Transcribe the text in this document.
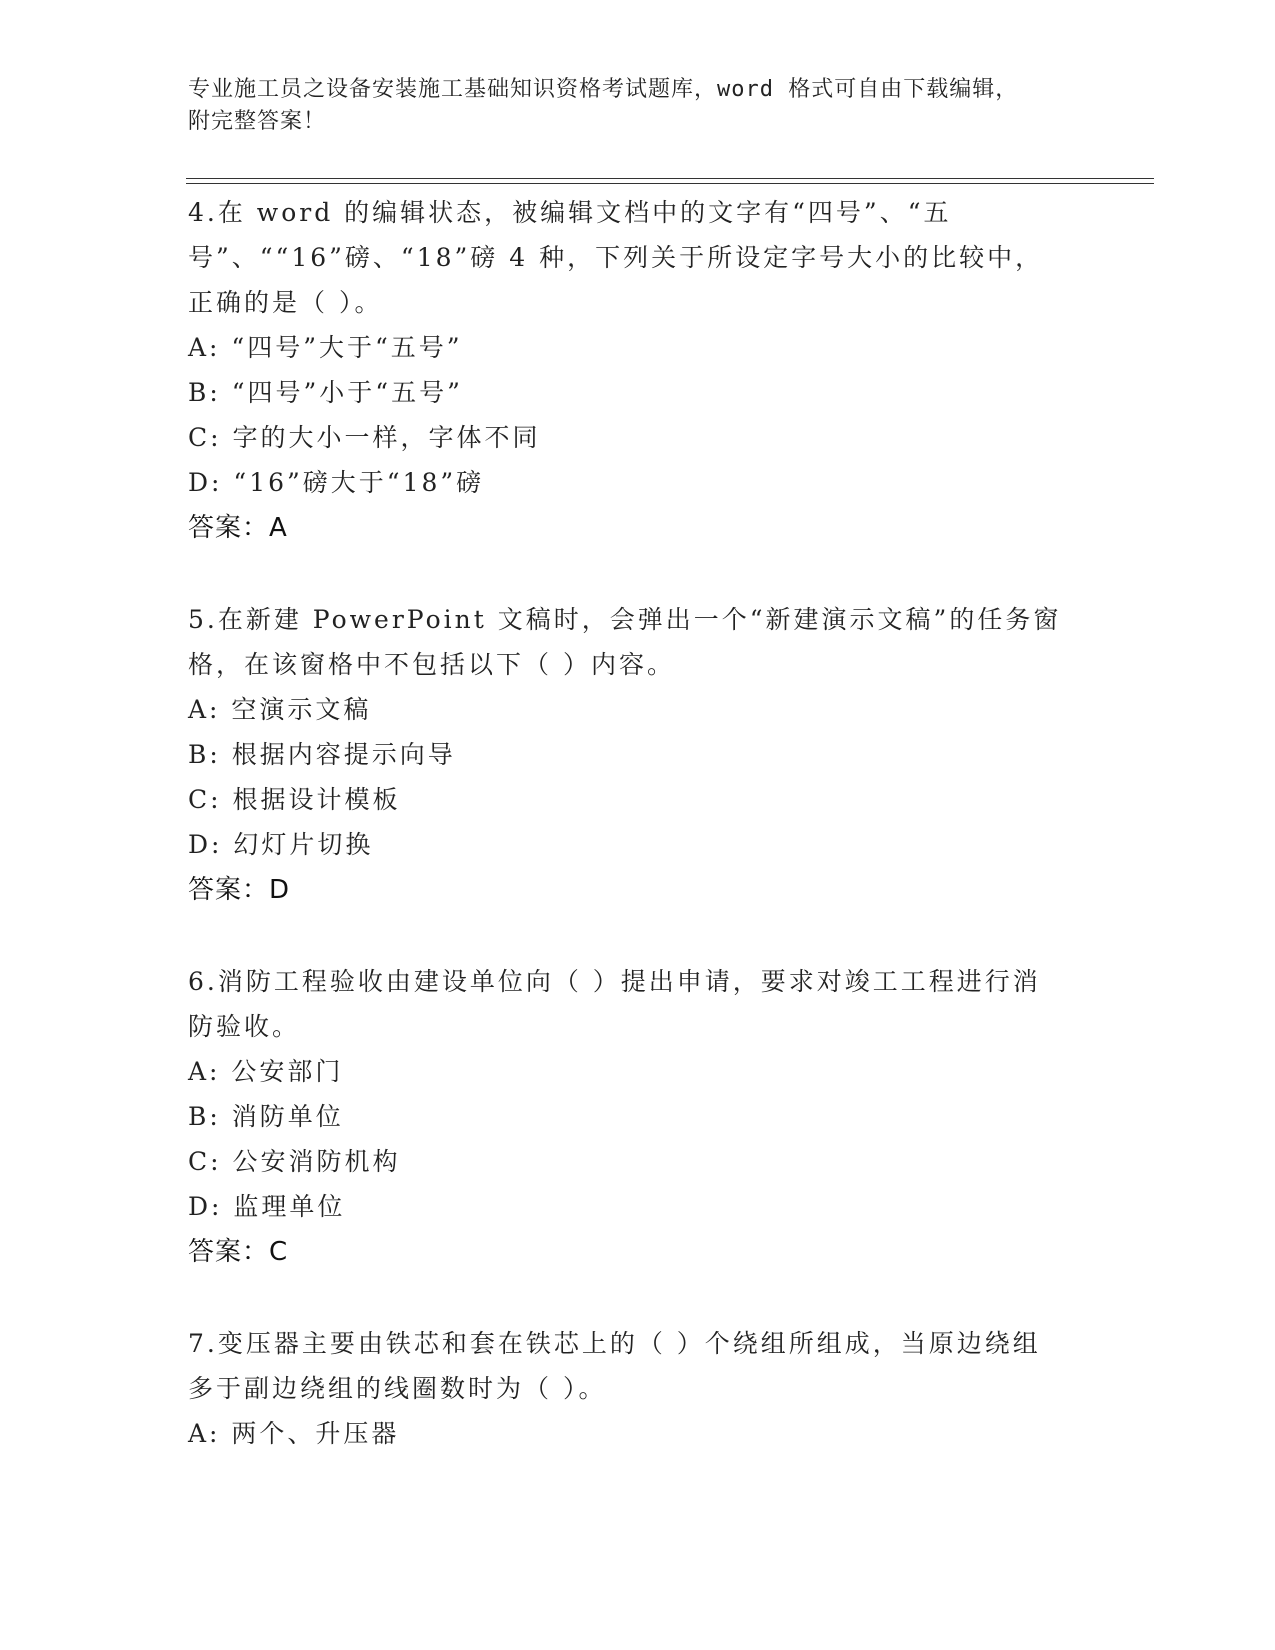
专业施工员之设备安装施工基础知识资格考试题库，word 格式可自由下载编辑，
附完整答案！

4.在 word 的编辑状态，被编辑文档中的文字有“四号”、“五号”、““16”磅、“18”磅 4 种，下列关于所设定字号大小的比较中，正确的是（ ）。

A: “四号”大于“五号”

B: “四号”小于“五号”

C: 字的大小一样，字体不同

D: “16”磅大于“18”磅

答案：A

5.在新建 PowerPoint 文稿时，会弹出一个“新建演示文稿”的任务窗格，在该窗格中不包括以下（ ）内容。

A: 空演示文稿

B: 根据内容提示向导

C: 根据设计模板

D: 幻灯片切换

答案：D

6.消防工程验收由建设单位向（ ）提出申请，要求对竣工工程进行消防验收。

A: 公安部门

B: 消防单位

C: 公安消防机构

D: 监理单位

答案：C

7.变压器主要由铁芯和套在铁芯上的（ ）个绕组所组成，当原边绕组多于副边绕组的线圈数时为（ ）。

A: 两个、升压器
